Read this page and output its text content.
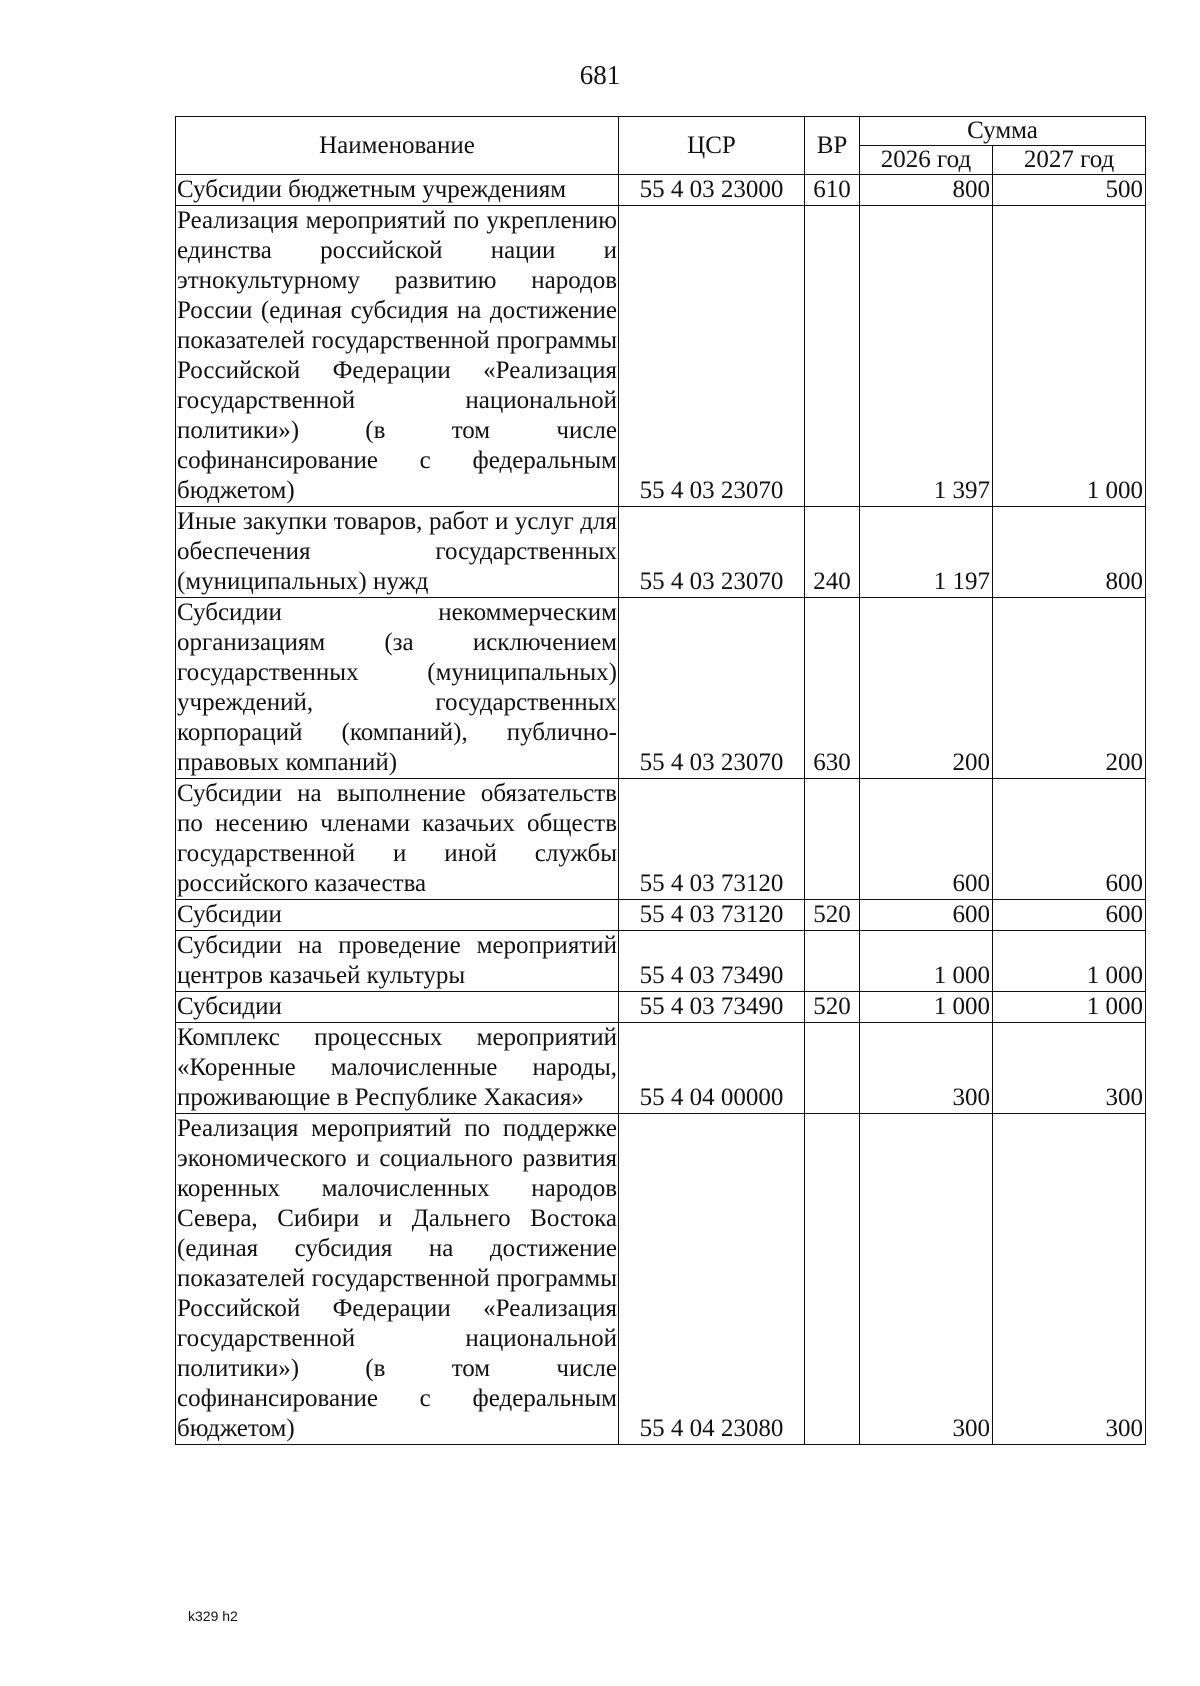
681
Наименование	ЦСР	ВР	Сумма	
			2026 год	2027 год
Субсидии бюджетным учреждениям	55 4 03 23000	610	800	500
Реализация мероприятий по укреплению единства российской нации и этнокультурному развитию народов России (единая субсидия на достижение показателей государственной программы Российской Федерации «Реализация государственной национальной политики») (в том числе софинансирование с федеральным бюджетом)	55 4 03 23070		1 397	1 000
Иные закупки товаров, работ и услуг для обеспечения государственных (муниципальных) нужд	55 4 03 23070	240	1 197	800
Субсидии некоммерческим организациям (за исключением государственных (муниципальных) учреждений, государственных корпораций (компаний), публично-правовых компаний)	55 4 03 23070	630	200	200
Субсидии на выполнение обязательств по несению членами казачьих обществ государственной и иной службы российского казачества	55 4 03 73120		600	600
Субсидии	55 4 03 73120	520	600	600
Субсидии на проведение мероприятий центров казачьей культуры	55 4 03 73490		1 000	1 000
Субсидии	55 4 03 73490	520	1 000	1 000
Комплекс процессных мероприятий «Коренные малочисленные народы, проживающие в Республике Хакасия»	55 4 04 00000		300	300
Реализация мероприятий по поддержке экономического и социального развития коренных малочисленных народов Севера, Сибири и Дальнего Востока (единая субсидия на достижение показателей государственной программы Российской Федерации «Реализация государственной национальной политики») (в том числе софинансирование с федеральным бюджетом)	55 4 04 23080		300	300
k329 h2
